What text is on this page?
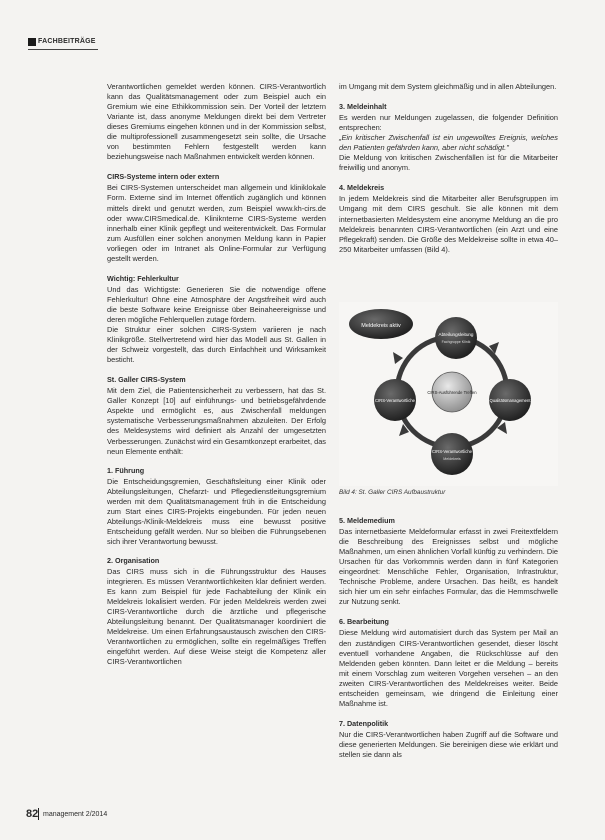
FACHBEITRÄGE

Verantwortlichen gemeldet werden können. CIRS-Verantwortlich kann das Qualitätsmanagement oder zum Beispiel auch ein Gremium wie eine Ethikkommission sein. Der Vorteil der letztern Variante ist, dass anonyme Meldungen direkt bei dem Vertreter dieses Gremiums eingehen können und in der Kommission selbst, die multiprofessionell zusammengesetzt sein sollte, die Ursache von bestimmten Fehlern festgestellt werden kann beziehungsweise nach Maßnahmen entwickelt werden können.

CIRS-Systeme intern oder extern

Bei CIRS-Systemen unterscheidet man allgemein und kliniklokale Form. Externe sind im Internet öffentlich zugänglich und können mittels direkt und genutzt werden, zum Beispiel www.kh-cirs.de oder www.CIRSmedical.de. Kliniknterne CIRS-Systeme werden innerhalb einer Klinik gepflegt und weiterentwickelt. Das Formular zum Ausfüllen einer solchen anonymen Meldung kann in Papier vorliegen oder im Intranet als Online-Formular zur Verfügung gestellt werden.

Wichtig: Fehlerkultur

Und das Wichtigste: Generieren Sie die notwendige offene Fehlerkultur! Ohne eine Atmosphäre der Angstfreiheit wird auch die beste Software keine Ereignisse über Beinaheereignisse und deren mögliche Fehlerquellen zutage fördern.

Die Struktur einer solchen CIRS-System variieren je nach Klinikgröße. Stellvertretend wird hier das Modell aus St. Gallen in der Schweiz vorgestellt, das durch Einfachheit und Wirksamkeit besticht.

St. Galler CIRS-System

Mit dem Ziel, die Patientensicherheit zu verbessern, hat das St. Galler Konzept [10] auf einführungs- und betriebsgefährdende Aspekte und ermöglicht es, aus Zwischenfall meldungen systematische Verbesserungsmaßnahmen abzuleiten. Der Erfolg des Meldesystems wird definiert als Anzahl der umgesetzten Verbesserungen. Zunächst wird ein Gesamtkonzept erarbeitet, das neun Elemente enthält:

1. Führung

Die Entscheidungsgremien, Geschäftsleitung einer Klinik oder Abteilungsleitungen, Chefarzt- und Pflegedienstleitungsgremium werden mit dem Qualitätsmanagement früh in die Entscheidung zum Start eines CIRS-Projekts eingebunden. Für jeden neuen Abteilungs-/Klinik-Meldekreis muss eine bewusst positive Entscheidung gefällt werden. Nur so bleiben die Führungsebenen sich ihrer Verantwortung bewusst.

2. Organisation

Das CIRS muss sich in die Führungsstruktur des Hauses integrieren. Es müssen Verantwortlichkeiten klar definiert werden. Es kann zum Beispiel für jede Fachabteilung der Klinik ein Meldekreis lokalisiert werden. Für jeden Meldekreis werden zwei CIRS-Verantwortliche durch die ärztliche und pflegerische Abteilungsleitung benannt. Der Qualitätsmanager koordiniert die Meldekreise. Um einen Erfahrungsaustausch zwischen den CIRS-Verantwortlichen zu ermöglichen, sollte ein regelmäßiges Treffen eingeführt werden. Auf diese Weise steigt die Kompetenz aller CIRS-Verantwortlichen

im Umgang mit dem System gleichmäßig und in allen Abteilungen.

3. Meldeinhalt

Es werden nur Meldungen zugelassen, die folgender Definition entsprechen:

„Ein kritischer Zwischenfall ist ein ungewolltes Ereignis, welches den Patienten gefährden kann, aber nicht schädigt."

Die Meldung von kritischen Zwischenfällen ist für die Mitarbeiter freiwillig und anonym.

4. Meldekreis

In jedem Meldekreis sind die Mitarbeiter aller Berufsgruppen im Umgang mit dem CIRS geschult. Sie alle können mit dem internetbasierten Meldesystem eine anonyme Meldung an die pro Meldekreis benannten CIRS-Verantwortlichen (ein Arzt und eine Pflegekraft) senden. Die Größe des Meldekreise sollte in etwa 40–250 Mitarbeiter umfassen (Bild 4).

Meldekreis aktiv
Abteilungsleitung
Fachgruppe Klinik
CIRS-Ausführende Treffen
CIRS-Verantwortliche	Qualitätsmanagement
CIRS-Verantwortliche
Meldekreis
Bild 4: St. Galler CIRS Aufbaustruktur
5. Meldemedium

Das internetbasierte Meldeformular erfasst in zwei Freitextfeldern die Beschreibung des Ereignisses selbst und mögliche Maßnahmen, um einen ähnlichen Vorfall künftig zu verhindern. Die Ursachen für das Vorkommnis werden dann in fünf Kategorien eingeordnet: Menschliche Fehler, Organisation, Infrastruktur, Technische Probleme, andere Ursachen. Das heißt, es handelt sich hier um ein sehr einfaches Formular, das die Hemmschwelle zur Nutzung senkt.

6. Bearbeitung

Diese Meldung wird automatisiert durch das System per Mail an den zuständigen CIRS-Verantwortlichen gesendet, dieser löscht eventuell vorhandene Angaben, die Rückschlüsse auf den Meldenden geben könnten. Dann leitet er die Meldung – bereits mit einem Vorschlag zum weiteren Vorgehen versehen – an den zweiten CIRS-Verantwortlichen des Meldekreises weiter. Beide entscheiden gemeinsam, wie dringend die Einleitung einer Maßnahme ist.

7. Datenpolitik

Nur die CIRS-Verantwortlichen haben Zugriff auf die Software und diese generierten Meldungen. Sie bereinigen diese wie erklärt und stellen sie dann als

82 management 2/2014
